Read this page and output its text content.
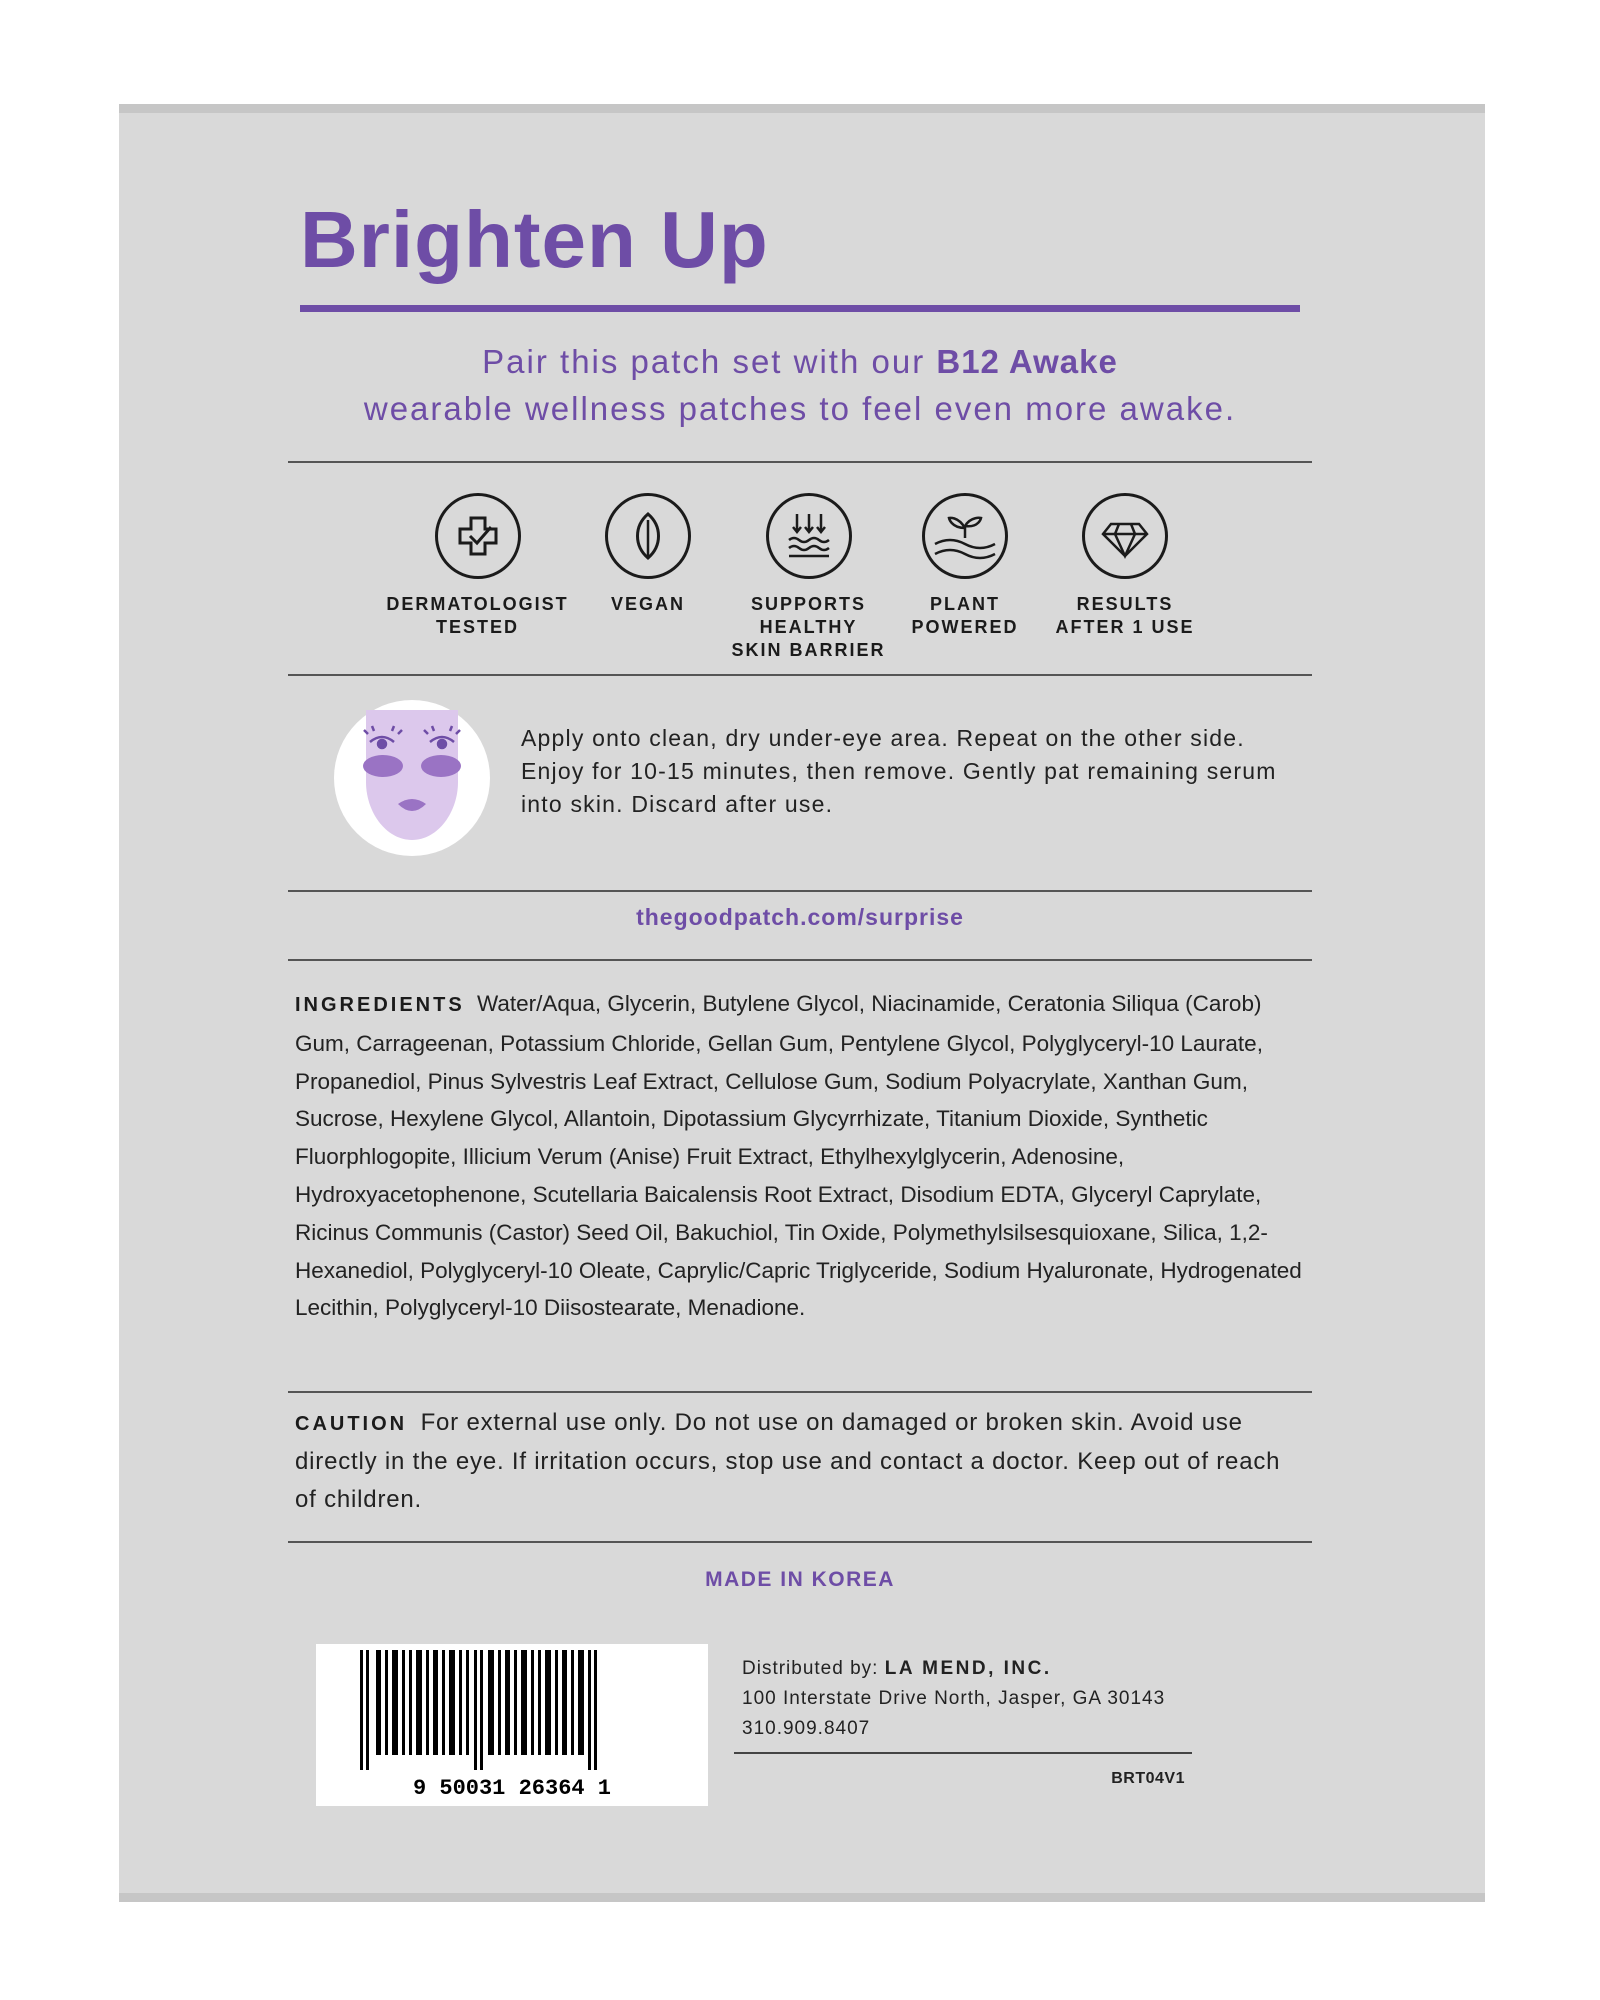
Brighten Up
Pair this patch set with our B12 Awake
wearable wellness patches to feel even more awake.
DERMATOLOGIST
TESTED
VEGAN	SUPPORTS
HEALTHY
SKIN BARRIER
PLANT
POWERED
RESULTS
AFTER 1 USE
Apply onto clean, dry under-eye area. Repeat on the other side. Enjoy for 10-15 minutes, then remove. Gently pat remaining serum into skin. Discard after use.
thegoodpatch.com/surprise
INGREDIENTS Water/Aqua, Glycerin, Butylene Glycol, Niacinamide, Ceratonia Siliqua (Carob) Gum, Carrageenan, Potassium Chloride, Gellan Gum, Pentylene Glycol, Polyglyceryl-10 Laurate, Propanediol, Pinus Sylvestris Leaf Extract, Cellulose Gum, Sodium Polyacrylate, Xanthan Gum, Sucrose, Hexylene Glycol, Allantoin, Dipotassium Glycyrrhizate, Titanium Dioxide, Synthetic Fluorphlogopite, Illicium Verum (Anise) Fruit Extract, Ethylhexylglycerin, Adenosine, Hydroxyacetophenone, Scutellaria Baicalensis Root Extract, Disodium EDTA, Glyceryl Caprylate, Ricinus Communis (Castor) Seed Oil, Bakuchiol, Tin Oxide, Polymethylsilsesquioxane, Silica, 1,2-Hexanediol, Polyglyceryl-10 Oleate, Caprylic/Capric Triglyceride, Sodium Hyaluronate, Hydrogenated Lecithin, Polyglyceryl-10 Diisostearate, Menadione.
CAUTION For external use only. Do not use on damaged or broken skin. Avoid use directly in the eye. If irritation occurs, stop use and contact a doctor. Keep out of reach of children.
MADE IN KOREA
9 50031 26364 1
Distributed by: LA MEND, INC.
100 Interstate Drive North, Jasper, GA 30143
310.909.8407
BRT04V1
